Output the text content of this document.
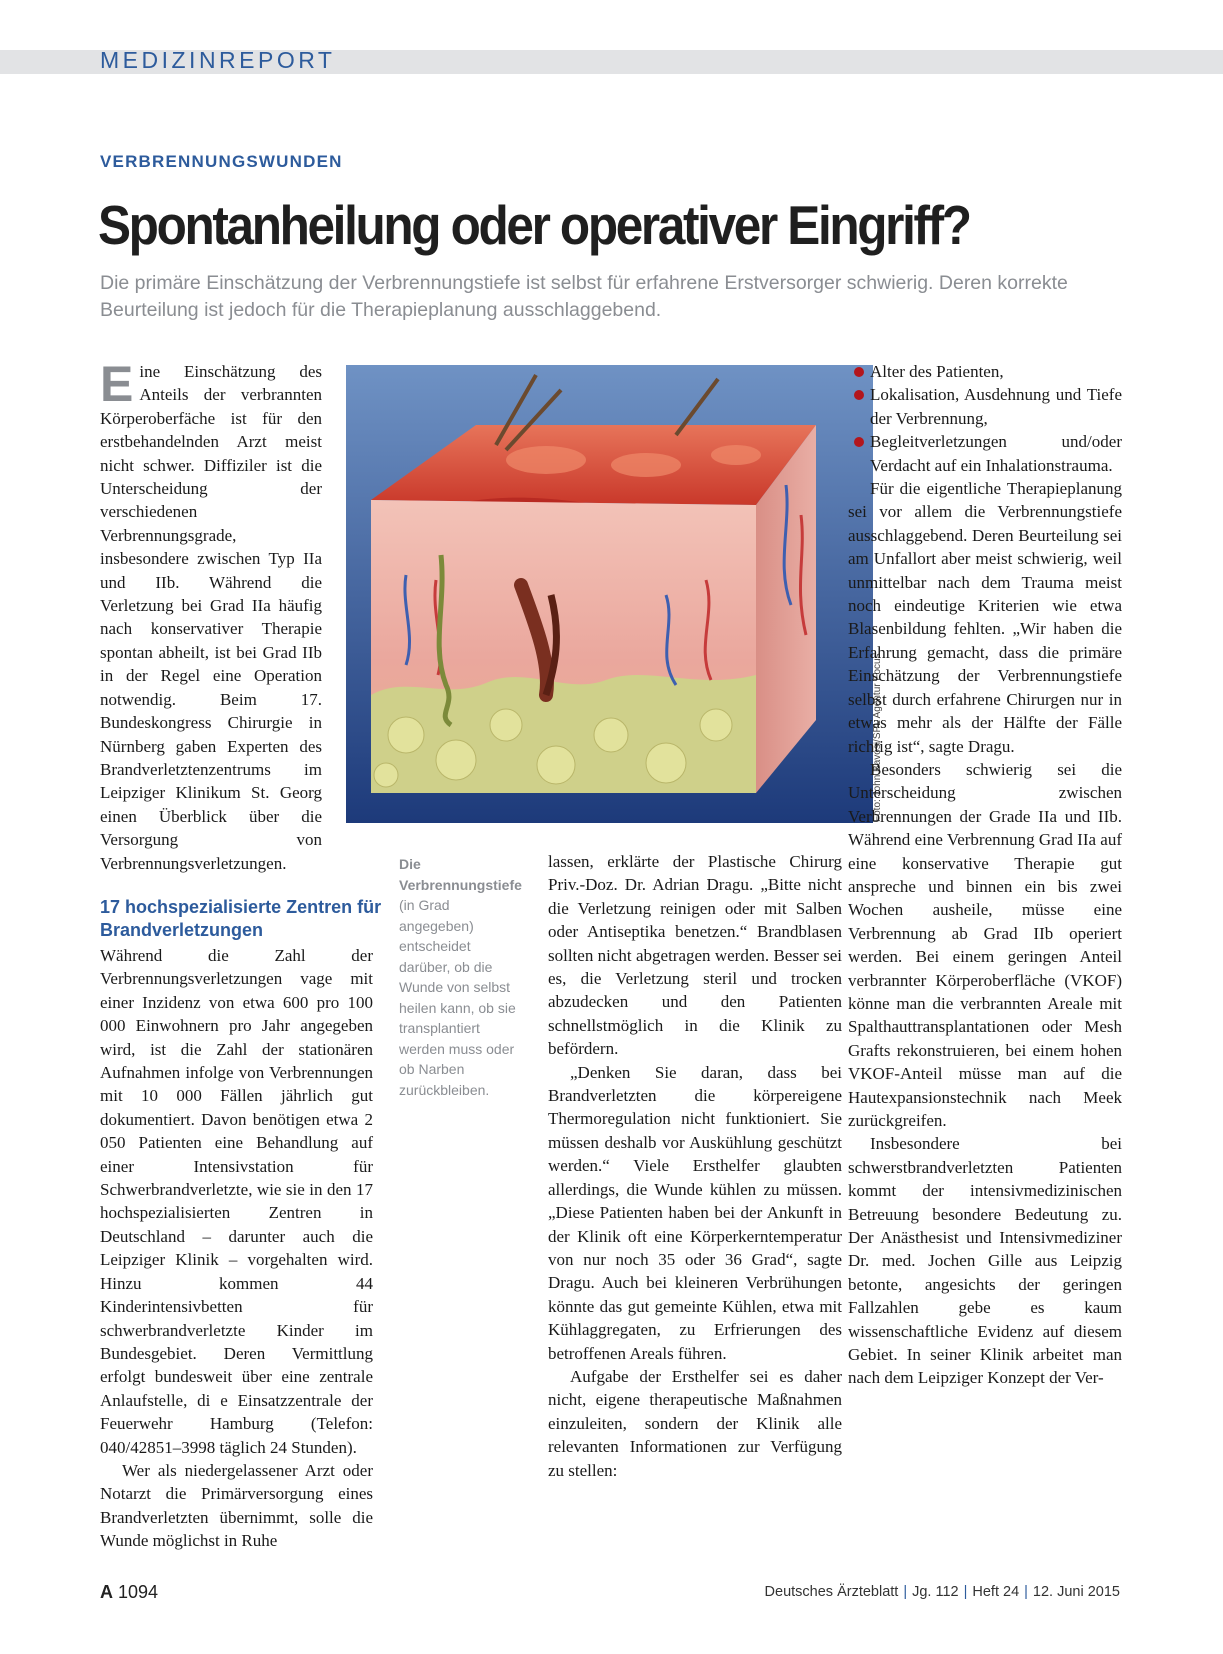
MEDIZINREPORT
VERBRENNUNGSWUNDEN
Spontanheilung oder operativer Eingriff?

Die primäre Einschätzung der Verbrennungstiefe ist selbst für erfahrene Erstversorger schwierig. Deren korrekte Beurteilung ist jedoch für die Therapieplanung ausschlaggebend.

Eine Einschätzung des Anteils der verbrannten Körperoberfäche ist für den erstbehandelnden Arzt meist nicht schwer. Diffiziler ist die Unterscheidung der verschiedenen Verbrennungsgrade, insbesondere zwischen Typ IIa und IIb. Während die Verletzung bei Grad IIa häufig nach konservativer Therapie spontan abheilt, ist bei Grad IIb in der Regel eine Operation notwendig. Beim 17. Bundeskongress Chirurgie in Nürnberg gaben Experten des Brandverletztenzentrums im Leipziger Klinikum St. Georg einen Überblick über die Versorgung von Verbrennungsverletzungen.

17 hochspezialisierte Zentren für Brandverletzungen

Während die Zahl der Verbrennungsverletzungen vage mit einer Inzidenz von etwa 600 pro 100 000 Einwohnern pro Jahr angegeben wird, ist die Zahl der stationären Aufnahmen infolge von Verbrennungen mit 10 000 Fällen jährlich gut dokumentiert. Davon benötigen etwa 2 050 Patienten eine Behandlung auf einer Intensivstation für Schwerbrandverletzte, wie sie in den 17 hochspezialisierten Zentren in Deutschland – darunter auch die Leipziger Klinik – vorgehalten wird. Hinzu kommen 44 Kinderintensivbetten für schwerbrandverletzte Kinder im Bundesgebiet. Deren Vermittlung erfolgt bundesweit über eine zentrale Anlaufstelle, di e Einsatzzentrale der Feuerwehr Hamburg (Telefon: 040/42851–3998 täglich 24 Stunden).

Wer als niedergelassener Arzt oder Notarzt die Primärversorgung eines Brandverletzten übernimmt, solle die Wunde möglichst in Ruhe

Foto: John Bavosi/SPL Agentur Focus

Die Verbrennungstiefe (in Grad angegeben) entscheidet darüber, ob die Wunde von selbst heilen kann, ob sie transplantiert werden muss oder ob Narben zurückbleiben.

lassen, erklärte der Plastische Chirurg Priv.-Doz. Dr. Adrian Dragu. „Bitte nicht die Verletzung reinigen oder mit Salben oder Antiseptika benetzen.“ Brandblasen sollten nicht abgetragen werden. Besser sei es, die Verletzung steril und trocken abzudecken und den Patienten schnellstmöglich in die Klinik zu befördern.

„Denken Sie daran, dass bei Brandverletzten die körpereigene Thermoregulation nicht funktioniert. Sie müssen deshalb vor Auskühlung geschützt werden.“ Viele Ersthelfer glaubten allerdings, die Wunde kühlen zu müssen. „Diese Patienten haben bei der Ankunft in der Klinik oft eine Körperkerntemperatur von nur noch 35 oder 36 Grad“, sagte Dragu. Auch bei kleineren Verbrühungen könnte das gut gemeinte Kühlen, etwa mit Kühlaggregaten, zu Erfrierungen des betroffenen Areals führen.

Aufgabe der Ersthelfer sei es daher nicht, eigene therapeutische Maßnahmen einzuleiten, sondern der Klinik alle relevanten Informationen zur Verfügung zu stellen:

Alter des Patienten,
Lokalisation, Ausdehnung und Tiefe der Verbrennung,
Begleitverletzungen und/oder Verdacht auf ein Inhalationstrauma.

Für die eigentliche Therapieplanung sei vor allem die Verbrennungstiefe ausschlaggebend. Deren Beurteilung sei am Unfallort aber meist schwierig, weil unmittelbar nach dem Trauma meist noch eindeutige Kriterien wie etwa Blasenbildung fehlten. „Wir haben die Erfahrung gemacht, dass die primäre Einschätzung der Verbrennungstiefe selbst durch erfahrene Chirurgen nur in etwas mehr als der Hälfte der Fälle richtig ist“, sagte Dragu.

Besonders schwierig sei die Unterscheidung zwischen Verbrennungen der Grade IIa und IIb. Während eine Verbrennung Grad IIa auf eine konservative Therapie gut anspreche und binnen ein bis zwei Wochen ausheile, müsse eine Verbrennung ab Grad IIb operiert werden. Bei einem geringen Anteil verbrannter Körperoberfläche (VKOF) könne man die verbrannten Areale mit Spalthauttransplantationen oder Mesh Grafts rekonstruieren, bei einem hohen VKOF-Anteil müsse man auf die Hautexpansionstechnik nach Meek zurückgreifen.

Insbesondere bei schwerstbrandverletzten Patienten kommt der intensivmedizinischen Betreuung besondere Bedeutung zu. Der Anästhesist und Intensivmediziner Dr. med. Jochen Gille aus Leipzig betonte, angesichts der geringen Fallzahlen gebe es kaum wissenschaftliche Evidenz auf diesem Gebiet. In seiner Klinik arbeitet man nach dem Leipziger Konzept der Ver-

A 1094	Deutsches Ärzteblatt | Jg. 112 | Heft 24 | 12. Juni 2015
